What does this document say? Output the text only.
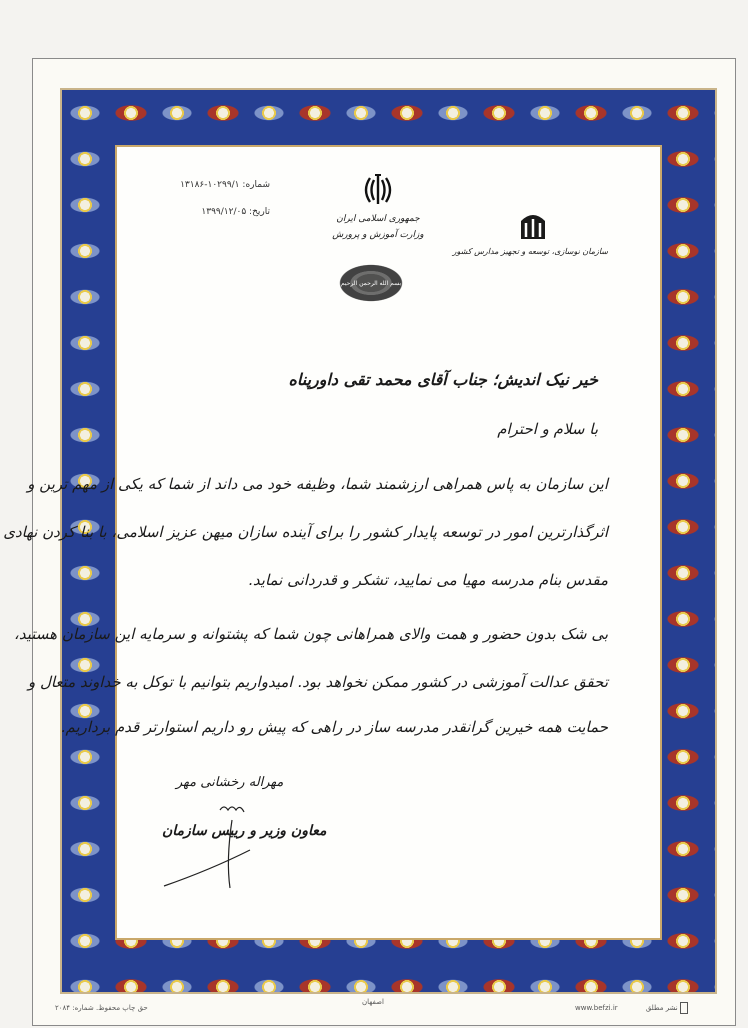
شماره: ۱۰۲۹۹/۱-۱۳۱۸۶
تاریخ: ۱۳۹۹/۱۲/۰۵
جمهوری اسلامی ایران
وزارت آموزش و پرورش
بسم الله الرحمن الرحیم
سازمان نوسازی، توسعه و تجهیز مدارس کشور
خیر نیک اندیش؛ جناب آقای محمد تقی داورپناه
با سلام و احترام
این سازمان به پاس همراهی ارزشمند شما، وظیفه خود می داند از شما که یکی از مهم ترین و
اثرگذارترین امور در توسعه پایدار کشور را برای آینده سازان میهن عزیز اسلامی، با بنا کردن نهادی
مقدس بنام مدرسه مهیا می نمایید، تشکر و قدردانی نماید.
بی شک بدون حضور و همت والای همراهانی چون شما که پشتوانه و سرمایه این سازمان هستید،
تحقق عدالت آموزشی در کشور ممکن نخواهد بود. امیدواریم بتوانیم با توکل به خداوند متعال و
حمایت همه خیرین گرانقدر مدرسه ساز در راهی که پیش رو داریم استوارتر قدم برداریم.
مهراله رخشانی مهر
معاون وزیر و رییس سازمان
نشر مطلق
www.befzi.ir
اصفهان
حق چاپ محفوظ. شماره: ۲۰۸۴
